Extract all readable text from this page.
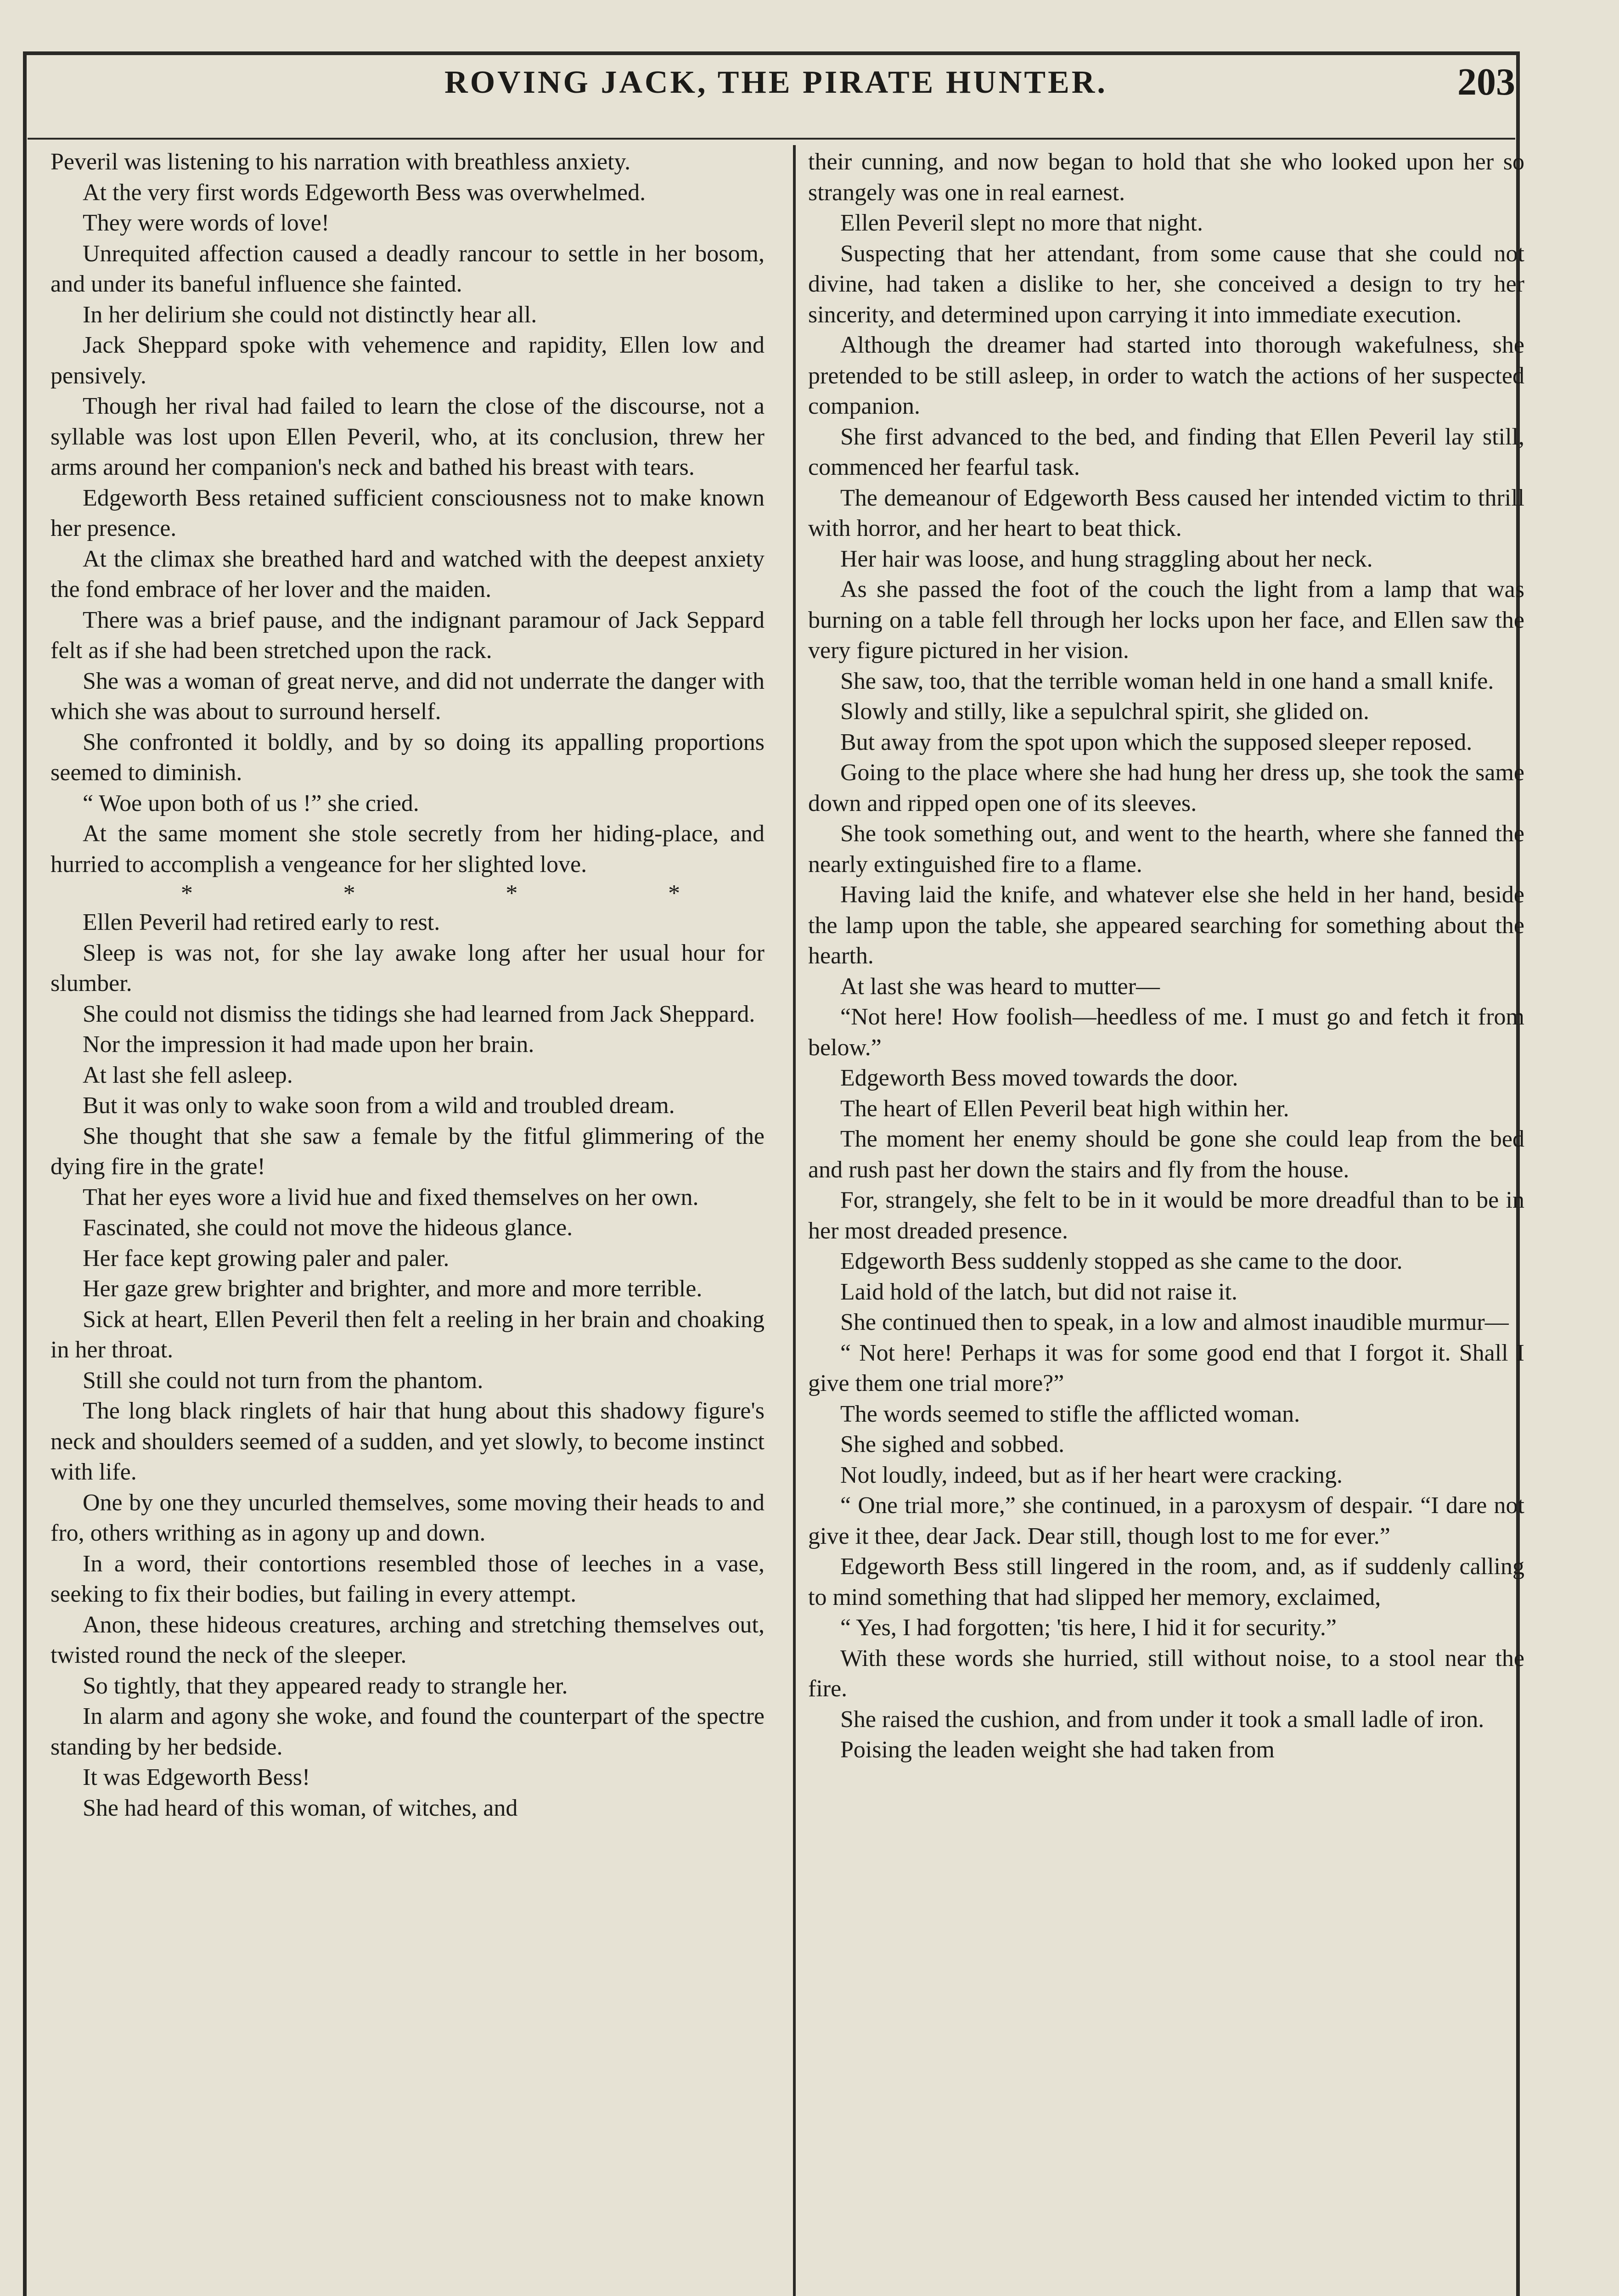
ROVING JACK, THE PIRATE HUNTER.	203

Peveril was listening to his narration with breathless anxiety.

At the very first words Edgeworth Bess was overwhelmed.

They were words of love!

Unrequited affection caused a deadly rancour to settle in her bosom, and under its baneful influence she fainted.

In her delirium she could not distinctly hear all.

Jack Sheppard spoke with vehemence and rapidity, Ellen low and pensively.

Though her rival had failed to learn the close of the discourse, not a syllable was lost upon Ellen Peveril, who, at its conclusion, threw her arms around her companion's neck and bathed his breast with tears.

Edgeworth Bess retained sufficient consciousness not to make known her presence.

At the climax she breathed hard and watched with the deepest anxiety the fond embrace of her lover and the maiden.

There was a brief pause, and the indignant paramour of Jack Seppard felt as if she had been stretched upon the rack.

She was a woman of great nerve, and did not underrate the danger with which she was about to surround herself.

She confronted it boldly, and by so doing its appalling proportions seemed to diminish.

“ Woe upon both of us !” she cried.

At the same moment she stole secretly from her hiding-place, and hurried to accomplish a vengeance for her slighted love.

*	*	*	*

Ellen Peveril had retired early to rest.

Sleep is was not, for she lay awake long after her usual hour for slumber.

She could not dismiss the tidings she had learned from Jack Sheppard.

Nor the impression it had made upon her brain.

At last she fell asleep.

But it was only to wake soon from a wild and troubled dream.

She thought that she saw a female by the fitful glimmering of the dying fire in the grate!

That her eyes wore a livid hue and fixed themselves on her own.

Fascinated, she could not move the hideous glance.

Her face kept growing paler and paler.

Her gaze grew brighter and brighter, and more and more terrible.

Sick at heart, Ellen Peveril then felt a reeling in her brain and choaking in her throat.

Still she could not turn from the phantom.

The long black ringlets of hair that hung about this shadowy figure's neck and shoulders seemed of a sudden, and yet slowly, to become instinct with life.

One by one they uncurled themselves, some moving their heads to and fro, others writhing as in agony up and down.

In a word, their contortions resembled those of leeches in a vase, seeking to fix their bodies, but failing in every attempt.

Anon, these hideous creatures, arching and stretching themselves out, twisted round the neck of the sleeper.

So tightly, that they appeared ready to strangle her.

In alarm and agony she woke, and found the counterpart of the spectre standing by her bedside.

It was Edgeworth Bess!

She had heard of this woman, of witches, and

their cunning, and now began to hold that she who looked upon her so strangely was one in real earnest.

Ellen Peveril slept no more that night.

Suspecting that her attendant, from some cause that she could not divine, had taken a dislike to her, she conceived a design to try her sincerity, and determined upon carrying it into immediate execution.

Although the dreamer had started into thorough wakefulness, she pretended to be still asleep, in order to watch the actions of her suspected companion.

She first advanced to the bed, and finding that Ellen Peveril lay still, commenced her fearful task.

The demeanour of Edgeworth Bess caused her intended victim to thrill with horror, and her heart to beat thick.

Her hair was loose, and hung straggling about her neck.

As she passed the foot of the couch the light from a lamp that was burning on a table fell through her locks upon her face, and Ellen saw the very figure pictured in her vision.

She saw, too, that the terrible woman held in one hand a small knife.

Slowly and stilly, like a sepulchral spirit, she glided on.

But away from the spot upon which the supposed sleeper reposed.

Going to the place where she had hung her dress up, she took the same down and ripped open one of its sleeves.

She took something out, and went to the hearth, where she fanned the nearly extinguished fire to a flame.

Having laid the knife, and whatever else she held in her hand, beside the lamp upon the table, she appeared searching for something about the hearth.

At last she was heard to mutter—

“Not here! How foolish—heedless of me. I must go and fetch it from below.”

Edgeworth Bess moved towards the door.

The heart of Ellen Peveril beat high within her.

The moment her enemy should be gone she could leap from the bed and rush past her down the stairs and fly from the house.

For, strangely, she felt to be in it would be more dreadful than to be in her most dreaded presence.

Edgeworth Bess suddenly stopped as she came to the door.

Laid hold of the latch, but did not raise it.

She continued then to speak, in a low and almost inaudible murmur—

“ Not here! Perhaps it was for some good end that I forgot it. Shall I give them one trial more?”

The words seemed to stifle the afflicted woman.

She sighed and sobbed.

Not loudly, indeed, but as if her heart were cracking.

“ One trial more,” she continued, in a paroxysm of despair. “I dare not give it thee, dear Jack. Dear still, though lost to me for ever.”

Edgeworth Bess still lingered in the room, and, as if suddenly calling to mind something that had slipped her memory, exclaimed,

“ Yes, I had forgotten; 'tis here, I hid it for security.”

With these words she hurried, still without noise, to a stool near the fire.

She raised the cushion, and from under it took a small ladle of iron.

Poising the leaden weight she had taken from
